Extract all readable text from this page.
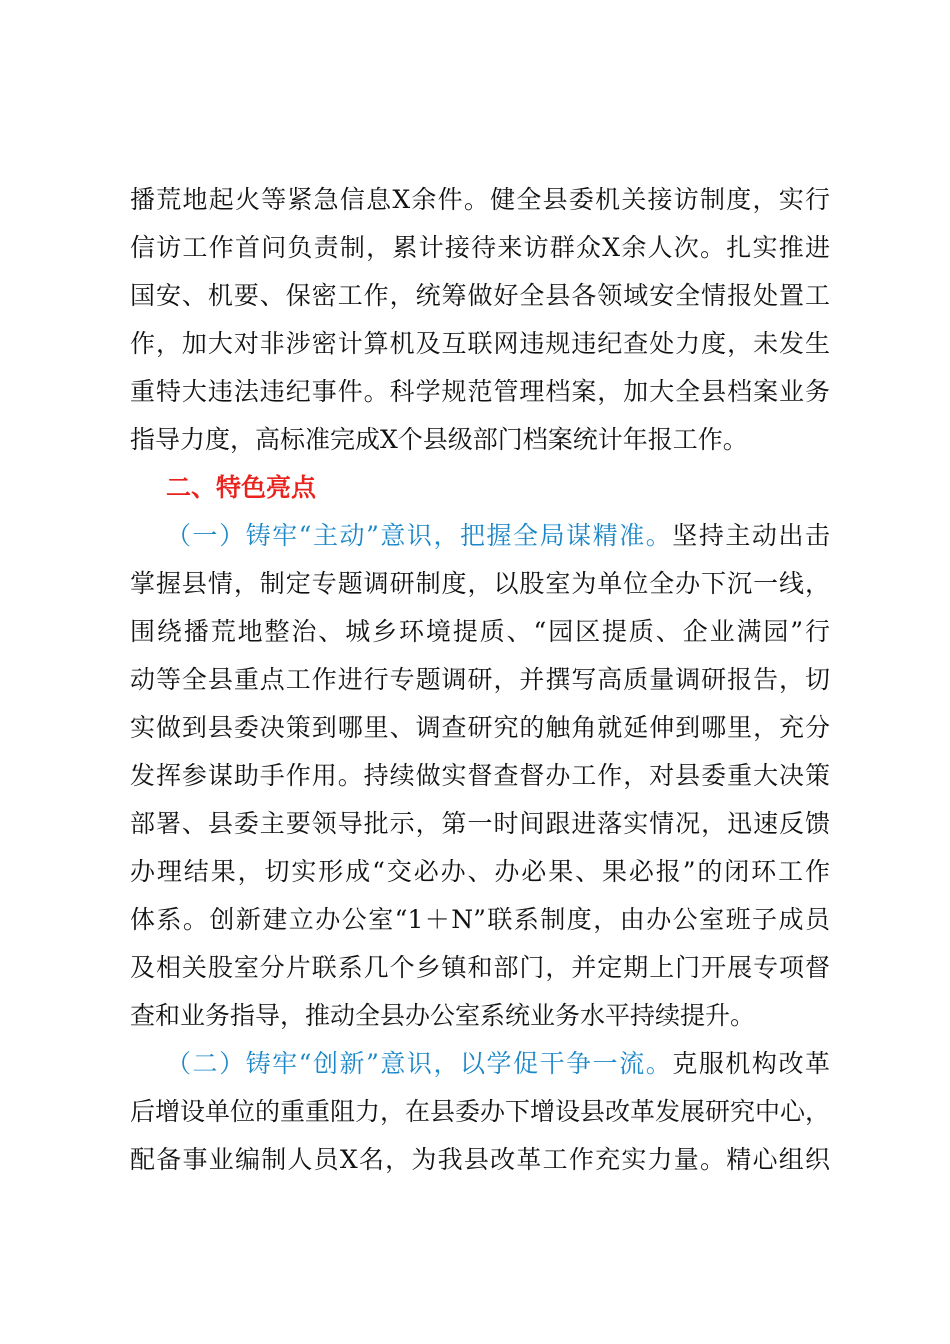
播荒地起火等紧急信息X余件。健全县委机关接访制度，实行
信访工作首问负责制，累计接待来访群众X余人次。扎实推进
国安、机要、保密工作，统筹做好全县各领域安全情报处置工
作，加大对非涉密计算机及互联网违规违纪查处力度，未发生
重特大违法违纪事件。科学规范管理档案，加大全县档案业务
指导力度，高标准完成X个县级部门档案统计年报工作。
二、特色亮点
（一）铸牢“主动”意识，把握全局谋精准。坚持主动出击
掌握县情，制定专题调研制度，以股室为单位全办下沉一线，
围绕播荒地整治、城乡环境提质、“园区提质、企业满园”行
动等全县重点工作进行专题调研，并撰写高质量调研报告，切
实做到县委决策到哪里、调查研究的触角就延伸到哪里，充分
发挥参谋助手作用。持续做实督查督办工作，对县委重大决策
部署、县委主要领导批示，第一时间跟进落实情况，迅速反馈
办理结果，切实形成“交必办、办必果、果必报”的闭环工作
体系。创新建立办公室“1＋N”联系制度，由办公室班子成员
及相关股室分片联系几个乡镇和部门，并定期上门开展专项督
查和业务指导，推动全县办公室系统业务水平持续提升。
（二）铸牢“创新”意识，以学促干争一流。克服机构改革
后增设单位的重重阻力，在县委办下增设县改革发展研究中心，
配备事业编制人员X名，为我县改革工作充实力量。精心组织
